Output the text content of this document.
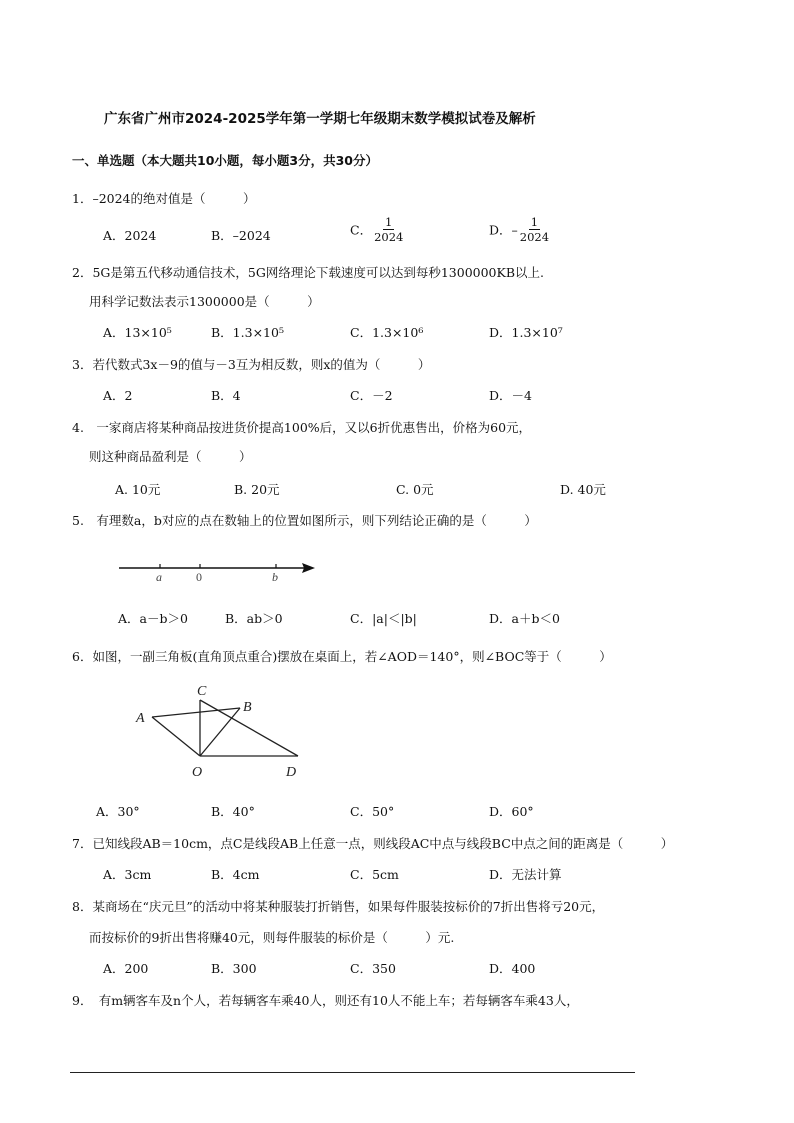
广东省广州市2024-2025学年第一学期七年级期末数学模拟试卷及解析
一、单选题（本大题共10小题，每小题3分，共30分）
1．–2024的绝对值是（　　　）
A．2024	B．–2024	C． $\frac{1}{2024}$	D．– $\frac{1}{2024}$
2．5G是第五代移动通信技术，5G网络理论下载速度可以达到每秒1300000KB以上.
用科学记数法表示1300000是（　　　）
A．13×10⁵	B．1.3×10⁵	C．1.3×10⁶	D．1.3×10⁷
3．若代数式3x－9的值与－3互为相反数，则x的值为（　　　）
A．2	B．4	C．－2	D．－4
4.　一家商店将某种商品按进货价提高100%后，又以6折优惠售出，价格为60元，
则这种商品盈利是（　　　）
A. 10元	B. 20元	C. 0元	D. 40元
5.　有理数a，b对应的点在数轴上的位置如图所示，则下列结论正确的是（　　　）
a	0	b
A．a－b＞0	B．ab＞0	C．|a|＜|b|	D．a＋b＜0
6．如图，一副三角板(直角顶点重合)摆放在桌面上，若∠AOD＝140°，则∠BOC等于（　　　）
A
C
B
O	D
A．30°	B．40°	C．50°	D．60°
7．已知线段AB＝10cm，点C是线段AB上任意一点，则线段AC中点与线段BC中点之间的距离是（　　　）
A．3cm	B．4cm	C．5cm	D．无法计算
8．某商场在“庆元旦”的活动中将某种服装打折销售，如果每件服装按标价的7折出售将亏20元，
而按标价的9折出售将赚40元，则每件服装的标价是（　　　）元.
A．200	B．300	C．350	D．400
9．　有m辆客车及n个人，若每辆客车乘40人，则还有10人不能上车；若每辆客车乘43人，
